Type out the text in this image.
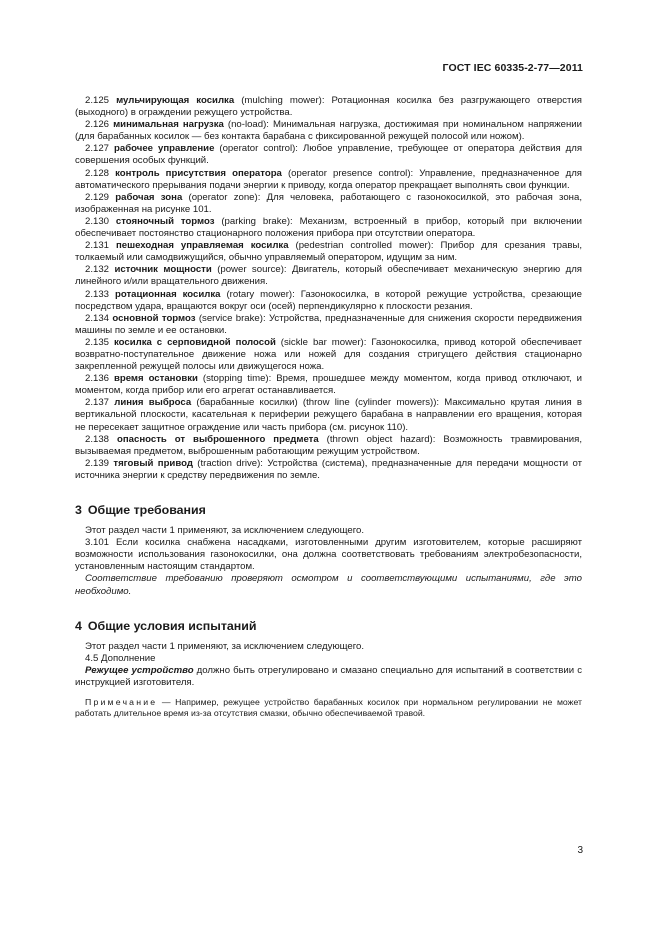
ГОСТ IEC 60335-2-77—2011

2.125 мульчирующая косилка (mulching mower): Ротационная косилка без разгружающего отверстия (выходного) в ограждении режущего устройства.

2.126 минимальная нагрузка (no-load): Минимальная нагрузка, достижимая при номинальном напряжении (для барабанных косилок — без контакта барабана с фиксированной режущей полосой или ножом).

2.127 рабочее управление (operator control): Любое управление, требующее от оператора действия для совершения особых функций.

2.128 контроль присутствия оператора (operator presence control): Управление, предназначенное для автоматического прерывания подачи энергии к приводу, когда оператор прекращает выполнять свои функции.

2.129 рабочая зона (operator zone): Для человека, работающего с газонокосилкой, это рабочая зона, изображенная на рисунке 101.

2.130 стояночный тормоз (parking brake): Механизм, встроенный в прибор, который при включении обеспечивает постоянство стационарного положения прибора при отсутствии оператора.

2.131 пешеходная управляемая косилка (pedestrian controlled mower): Прибор для срезания травы, толкаемый или самодвижущийся, обычно управляемый оператором, идущим за ним.

2.132 источник мощности (power source): Двигатель, который обеспечивает механическую энергию для линейного и/или вращательного движения.

2.133 ротационная косилка (rotary mower): Газонокосилка, в которой режущие устройства, срезающие посредством удара, вращаются вокруг оси (осей) перпендикулярно к плоскости резания.

2.134 основной тормоз (service brake): Устройства, предназначенные для снижения скорости передвижения машины по земле и ее остановки.

2.135 косилка с серповидной полосой (sickle bar mower): Газонокосилка, привод которой обеспечивает возвратно-поступательное движение ножа или ножей для создания стригущего действия стационарно закрепленной режущей полосы или движущегося ножа.

2.136 время остановки (stopping time): Время, прошедшее между моментом, когда привод отключают, и моментом, когда прибор или его агрегат останавливается.

2.137 линия выброса (барабанные косилки) (throw line (cylinder mowers)): Максимально крутая линия в вертикальной плоскости, касательная к периферии режущего барабана в направлении его вращения, которая не пересекает защитное ограждение или часть прибора (см. рисунок 110).

2.138 опасность от выброшенного предмета (thrown object hazard): Возможность травмирования, вызываемая предметом, выброшенным работающим режущим устройством.

2.139 тяговый привод (traction drive): Устройства (система), предназначенные для передачи мощности от источника энергии к средству передвижения по земле.

3 Общие требования

Этот раздел части 1 применяют, за исключением следующего.

3.101 Если косилка снабжена насадками, изготовленными другим изготовителем, которые расширяют возможности использования газонокосилки, она должна соответствовать требованиям электробезопасности, установленным настоящим стандартом.

Соответствие требованию проверяют осмотром и соответствующими испытаниями, где это необходимо.

4 Общие условия испытаний

Этот раздел части 1 применяют, за исключением следующего.

4.5 Дополнение

Режущее устройство должно быть отрегулировано и смазано специально для испытаний в соответствии с инструкцией изготовителя.

Примечание — Например, режущее устройство барабанных косилок при нормальном регулировании не может работать длительное время из-за отсутствия смазки, обычно обеспечиваемой травой.

3
